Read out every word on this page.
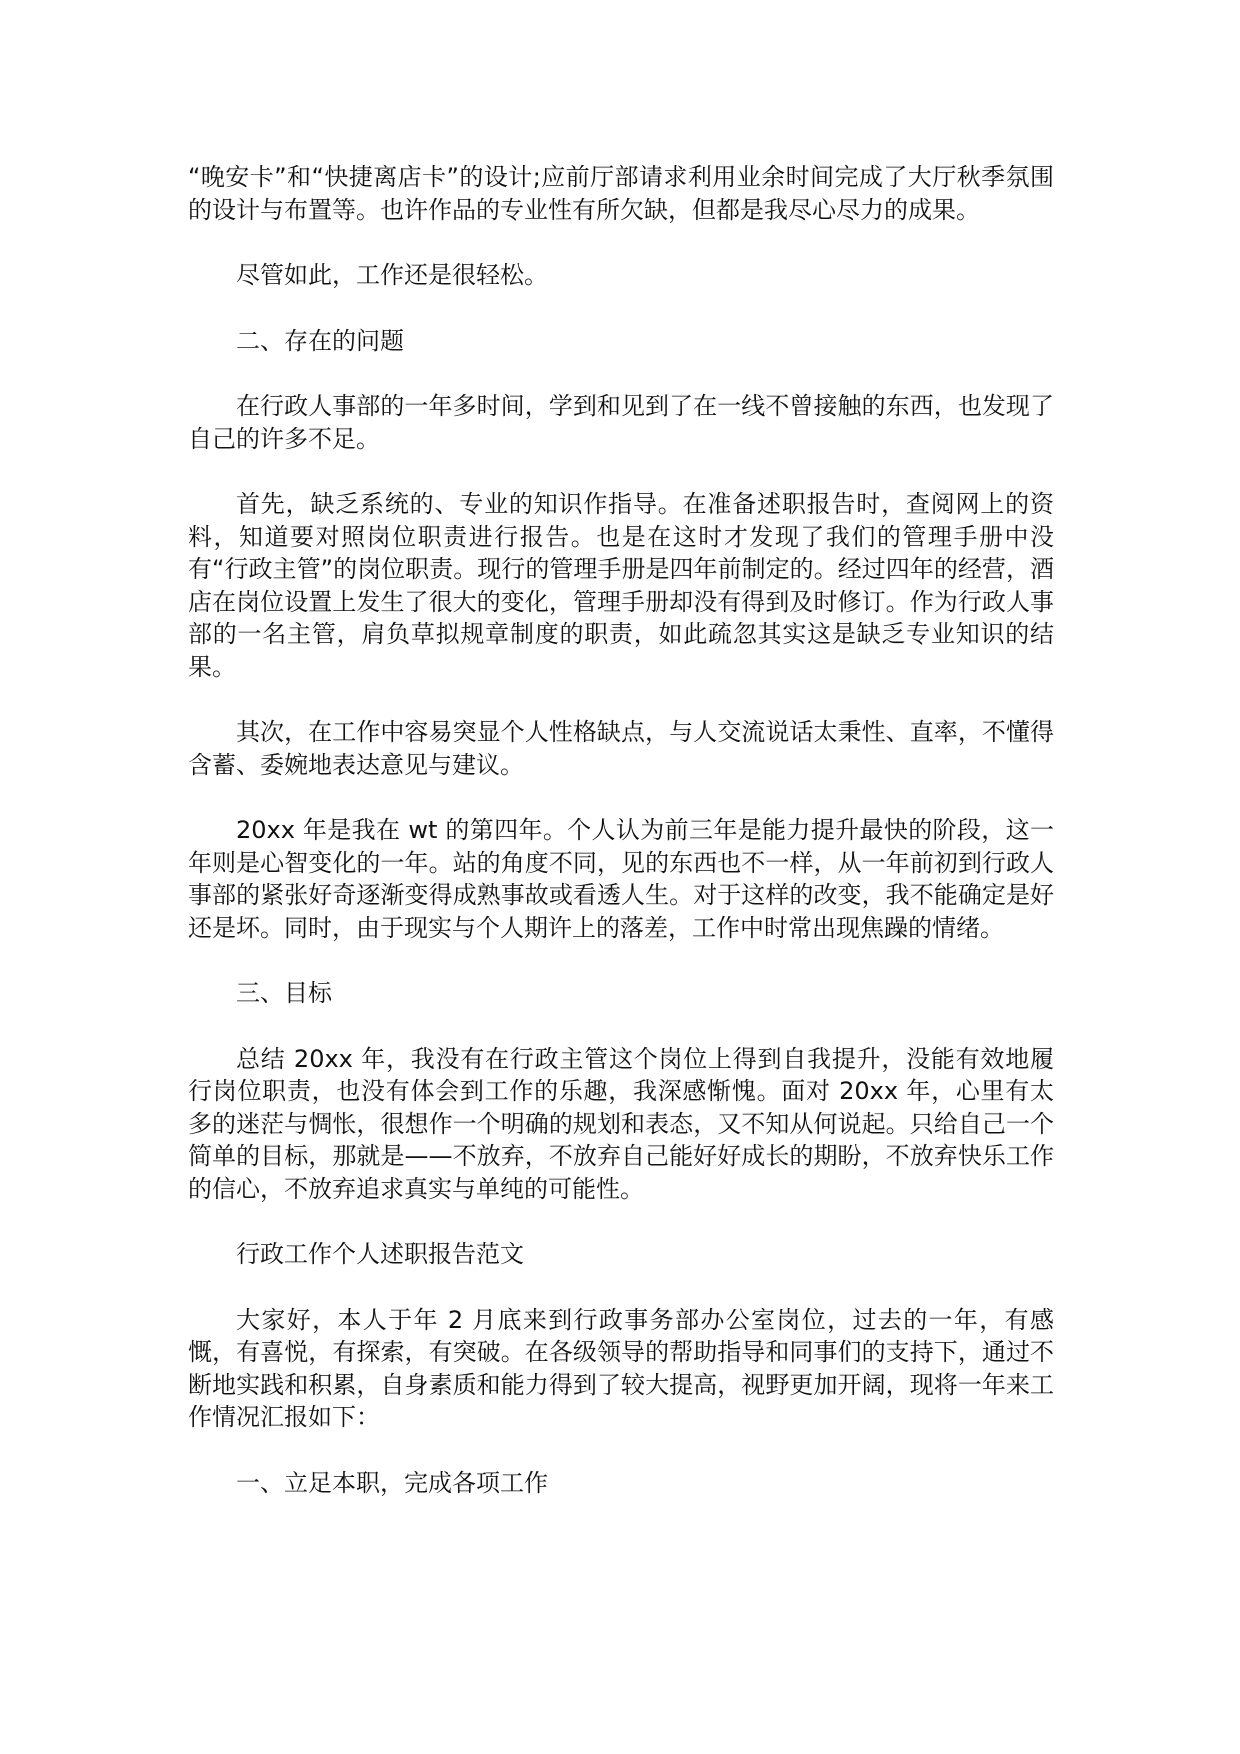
“晚安卡”和“快捷离店卡”的设计;应前厅部请求利用业余时间完成了大厅秋季氛围的设计与布置等。也许作品的专业性有所欠缺，但都是我尽心尽力的成果。

尽管如此，工作还是很轻松。

二、存在的问题

在行政人事部的一年多时间，学到和见到了在一线不曾接触的东西，也发现了自己的许多不足。

首先，缺乏系统的、专业的知识作指导。在准备述职报告时，查阅网上的资料，知道要对照岗位职责进行报告。也是在这时才发现了我们的管理手册中没有“行政主管”的岗位职责。现行的管理手册是四年前制定的。经过四年的经营，酒店在岗位设置上发生了很大的变化，管理手册却没有得到及时修订。作为行政人事部的一名主管，肩负草拟规章制度的职责，如此疏忽其实这是缺乏专业知识的结果。

其次，在工作中容易突显个人性格缺点，与人交流说话太秉性、直率，不懂得含蓄、委婉地表达意见与建议。

20xx 年是我在 wt 的第四年。个人认为前三年是能力提升最快的阶段，这一年则是心智变化的一年。站的角度不同，见的东西也不一样，从一年前初到行政人事部的紧张好奇逐渐变得成熟事故或看透人生。对于这样的改变，我不能确定是好还是坏。同时，由于现实与个人期许上的落差，工作中时常出现焦躁的情绪。

三、目标

总结 20xx 年，我没有在行政主管这个岗位上得到自我提升，没能有效地履行岗位职责，也没有体会到工作的乐趣，我深感惭愧。面对 20xx 年，心里有太多的迷茫与惆怅，很想作一个明确的规划和表态，又不知从何说起。只给自己一个简单的目标，那就是——不放弃，不放弃自己能好好成长的期盼，不放弃快乐工作的信心，不放弃追求真实与单纯的可能性。

行政工作个人述职报告范文

大家好，本人于年 2 月底来到行政事务部办公室岗位，过去的一年，有感慨，有喜悦，有探索，有突破。在各级领导的帮助指导和同事们的支持下，通过不断地实践和积累，自身素质和能力得到了较大提高，视野更加开阔，现将一年来工作情况汇报如下：

一、立足本职，完成各项工作
